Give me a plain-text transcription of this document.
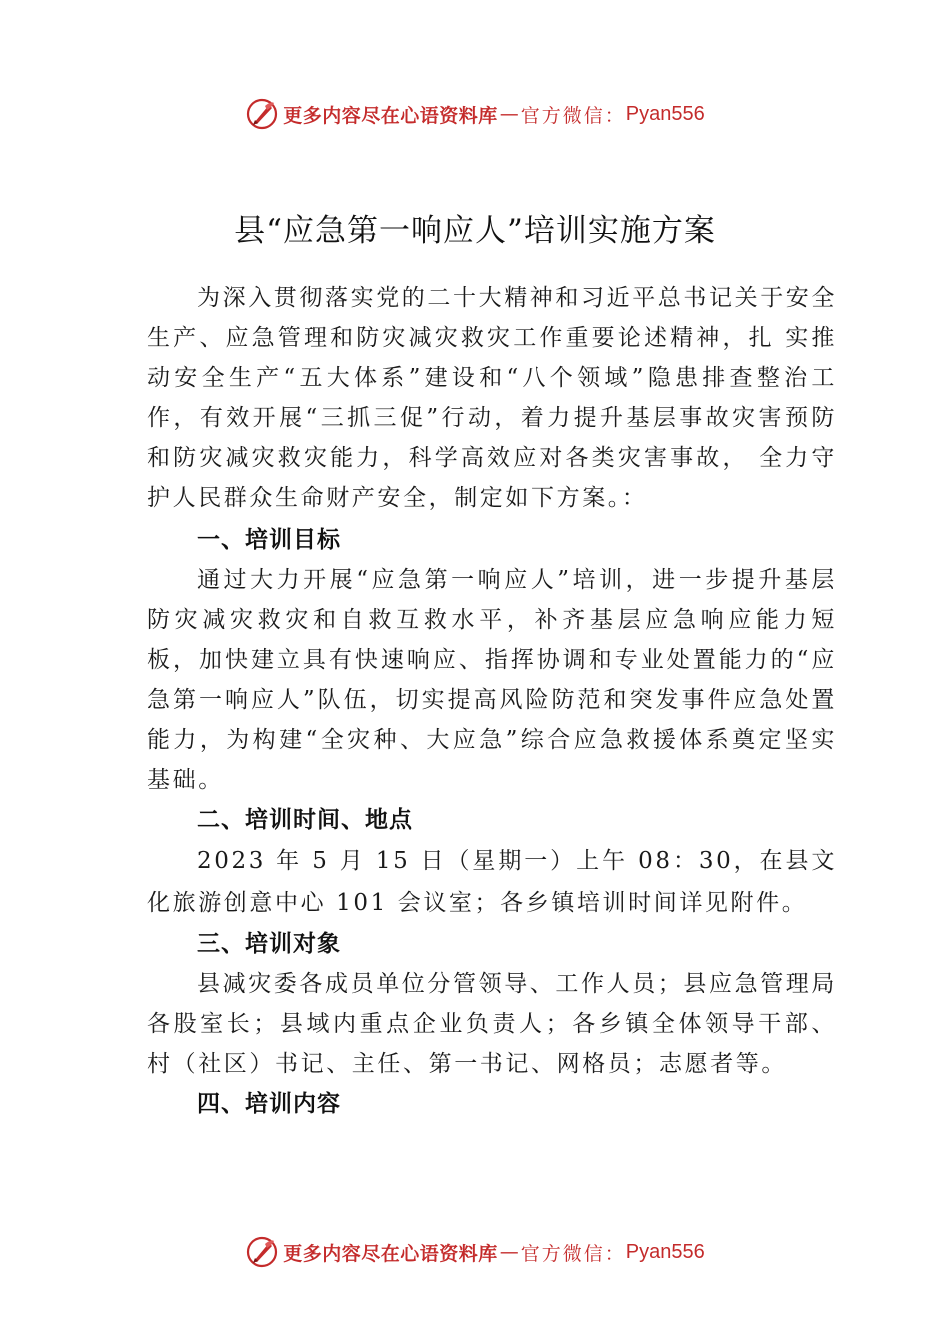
更多内容尽在心语资料库 — 官方微信： Pyan556
县“应急第一响应人”培训实施方案

为深入贯彻落实党的二十大精神和习近平总书记关于安全生产、应急管理和防灾减灾救灾工作重要论述精神，扎 实推动安全生产“五大体系”建设和“八个领域”隐患排查整治工作，有效开展“三抓三促”行动，着力提升基层事故灾害预防和防灾减灾救灾能力，科学高效应对各类灾害事故， 全力守护人民群众生命财产安全，制定如下方案。：

一、培训目标

通过大力开展“应急第一响应人”培训，进一步提升基层防灾减灾救灾和自救互救水平，补齐基层应急响应能力短板，加快建立具有快速响应、指挥协调和专业处置能力的“应急第一响应人”队伍，切实提高风险防范和突发事件应急处置能力，为构建“全灾种、大应急”综合应急救援体系奠定坚实基础。

二、培训时间、地点

2023 年 5 月 15 日（星期一）上午 08：30，在县文化旅游创意中心 101 会议室；各乡镇培训时间详见附件。

三、培训对象

县减灾委各成员单位分管领导、工作人员；县应急管理局各股室长；县域内重点企业负责人；各乡镇全体领导干部、村（社区）书记、主任、第一书记、网格员；志愿者等。

四、培训内容
更多内容尽在心语资料库 — 官方微信： Pyan556
